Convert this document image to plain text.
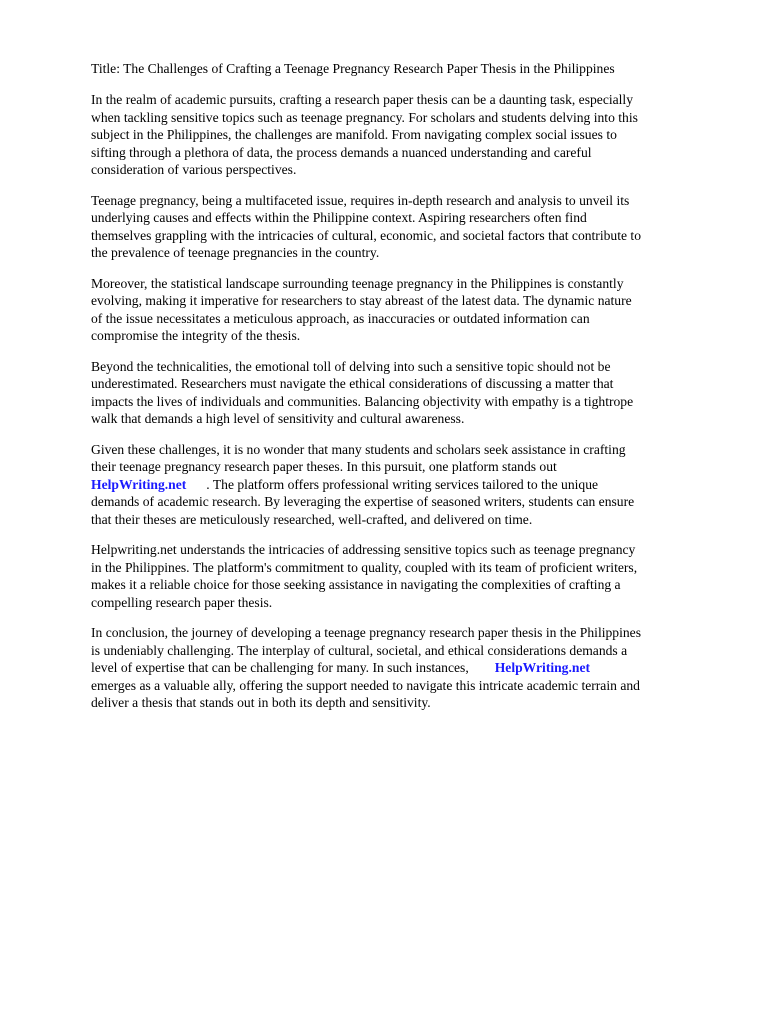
Title: The Challenges of Crafting a Teenage Pregnancy Research Paper Thesis in the Philippines

In the realm of academic pursuits, crafting a research paper thesis can be a daunting task, especially
when tackling sensitive topics such as teenage pregnancy. For scholars and students delving into this
subject in the Philippines, the challenges are manifold. From navigating complex social issues to
sifting through a plethora of data, the process demands a nuanced understanding and careful
consideration of various perspectives.

Teenage pregnancy, being a multifaceted issue, requires in-depth research and analysis to unveil its
underlying causes and effects within the Philippine context. Aspiring researchers often find
themselves grappling with the intricacies of cultural, economic, and societal factors that contribute to
the prevalence of teenage pregnancies in the country.

Moreover, the statistical landscape surrounding teenage pregnancy in the Philippines is constantly
evolving, making it imperative for researchers to stay abreast of the latest data. The dynamic nature
of the issue necessitates a meticulous approach, as inaccuracies or outdated information can
compromise the integrity of the thesis.

Beyond the technicalities, the emotional toll of delving into such a sensitive topic should not be
underestimated. Researchers must navigate the ethical considerations of discussing a matter that
impacts the lives of individuals and communities. Balancing objectivity with empathy is a tightrope
walk that demands a high level of sensitivity and cultural awareness.

Given these challenges, it is no wonder that many students and scholars seek assistance in crafting
their teenage pregnancy research paper theses. In this pursuit, one platform stands out
HelpWriting.net . The platform offers professional writing services tailored to the unique
demands of academic research. By leveraging the expertise of seasoned writers, students can ensure
that their theses are meticulously researched, well-crafted, and delivered on time.

Helpwriting.net understands the intricacies of addressing sensitive topics such as teenage pregnancy
in the Philippines. The platform's commitment to quality, coupled with its team of proficient writers,
makes it a reliable choice for those seeking assistance in navigating the complexities of crafting a
compelling research paper thesis.

In conclusion, the journey of developing a teenage pregnancy research paper thesis in the Philippines
is undeniably challenging. The interplay of cultural, societal, and ethical considerations demands a
level of expertise that can be challenging for many. In such instances, HelpWriting.net
emerges as a valuable ally, offering the support needed to navigate this intricate academic terrain and
deliver a thesis that stands out in both its depth and sensitivity.
